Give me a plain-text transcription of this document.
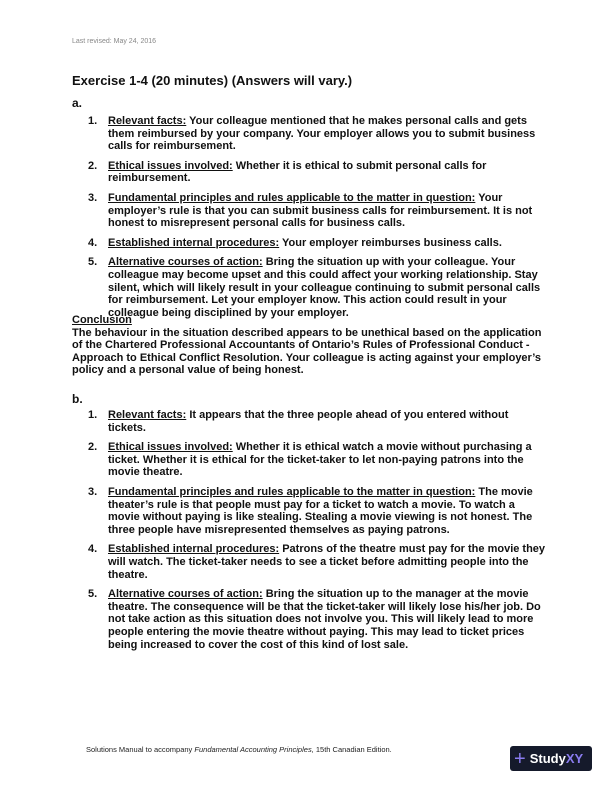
Last revised: May 24, 2016
Exercise 1-4 (20 minutes) (Answers will vary.)
a.
1. Relevant facts: Your colleague mentioned that he makes personal calls and gets them reimbursed by your company. Your employer allows you to submit business calls for reimbursement.
2. Ethical issues involved: Whether it is ethical to submit personal calls for reimbursement.
3. Fundamental principles and rules applicable to the matter in question: Your employer’s rule is that you can submit business calls for reimbursement. It is not honest to misrepresent personal calls for business calls.
4. Established internal procedures: Your employer reimburses business calls.
5. Alternative courses of action: Bring the situation up with your colleague. Your colleague may become upset and this could affect your working relationship. Stay silent, which will likely result in your colleague continuing to submit personal calls for reimbursement. Let your employer know. This action could result in your colleague being disciplined by your employer.
Conclusion
The behaviour in the situation described appears to be unethical based on the application of the Chartered Professional Accountants of Ontario’s Rules of Professional Conduct - Approach to Ethical Conflict Resolution. Your colleague is acting against your employer’s policy and a personal value of being honest.
b.
1. Relevant facts: It appears that the three people ahead of you entered without tickets.
2. Ethical issues involved: Whether it is ethical watch a movie without purchasing a ticket. Whether it is ethical for the ticket-taker to let non-paying patrons into the movie theatre.
3. Fundamental principles and rules applicable to the matter in question: The movie theater’s rule is that people must pay for a ticket to watch a movie. To watch a movie without paying is like stealing. Stealing a movie viewing is not honest. The three people have misrepresented themselves as paying patrons.
4. Established internal procedures: Patrons of the theatre must pay for the movie they will watch. The ticket-taker needs to see a ticket before admitting people into the theatre.
5. Alternative courses of action: Bring the situation up to the manager at the movie theatre. The consequence will be that the ticket-taker will likely lose his/her job. Do not take action as this situation does not involve you. This will likely lead to more people entering the movie theatre without paying. This may lead to ticket prices being increased to cover the cost of this kind of lost sale.
Solutions Manual to accompany Fundamental Accounting Principles, 15th Canadian Edition.	+ Study XY
